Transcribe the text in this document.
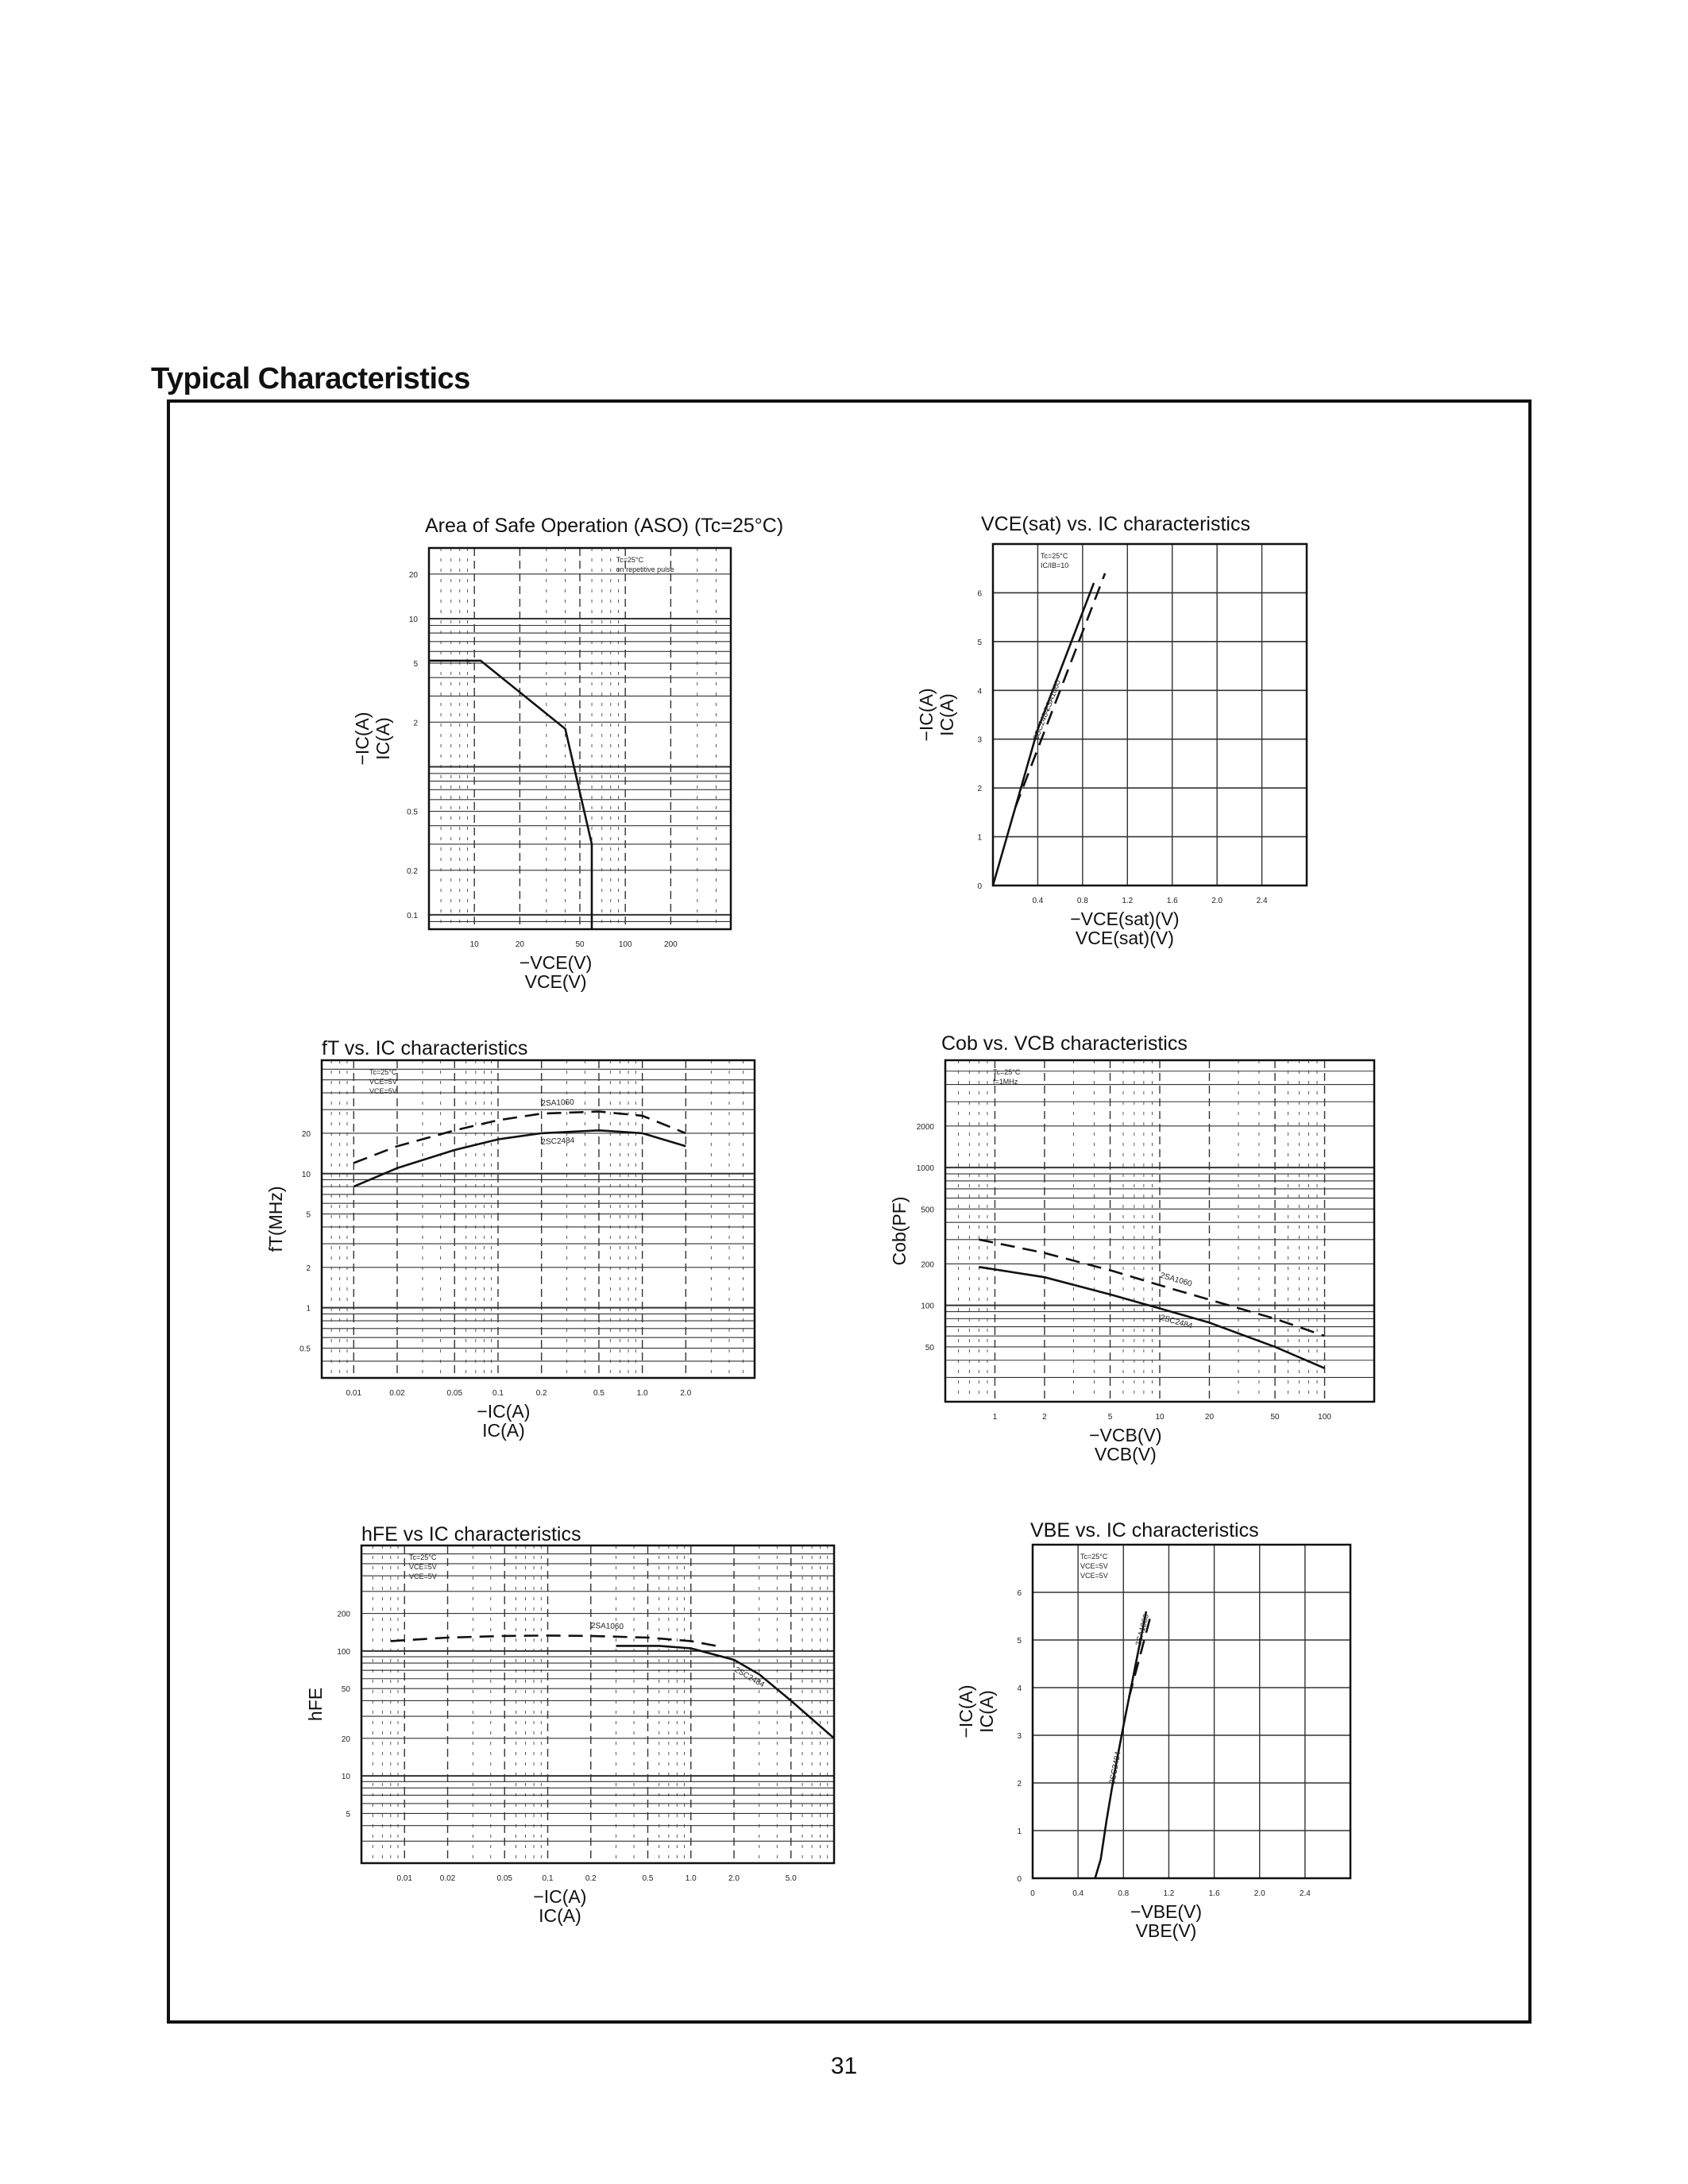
Typical Characteristics
Area of Safe Operation (ASO) (Tc=25°C)
10	20	50	100	200
20
10
5
2
0.5
0.2
0.1
−VCE(V)
VCE(V)
−IC(A) IC(A)
Tc=25°C
on repetitive pulse
Ic
VCE(sat) vs. IC characteristics
0.4	0.8	1.2	1.6	2.0	2.4
0
1
2
3
4
5
6
−VCE(sat)(V)
VCE(sat)(V)
−IC(A) IC(A)
Tc=25°C
IC/IB=10
2SC2484
2SA1060
fT vs. IC characteristics
0.01	0.02	0.05	0.1	0.2	0.5	1.0	2.0
20
10
5
2
1
0.5
−IC(A)
IC(A)
fT(MHz)
Tc=25°C
VCE=5V
VCE=5V
2SA1060
2SC2484
Cob vs. VCB characteristics
1	2	5	10	20	50	100
2000
1000
500
200
100
50
−VCB(V)
VCB(V)
Cob(PF)
Tc=25°C
f=1MHz
2SA1060
2SC2484
hFE vs IC characteristics
0.01	0.02	0.05	0.1	0.2	0.5	1.0	2.0	5.0
200
100
50
20
10
5
−IC(A)
IC(A)
hFE
Tc=25°C
VCE=5V
VCE=5V
2SA1060
2SC2484
VBE vs. IC characteristics
0	0.4	0.8	1.2	1.6	2.0	2.4
0
1
2
3
4
5
6
−VBE(V)
VBE(V)
−IC(A) IC(A)
Tc=25°C
VCE=5V
VCE=5V
2SC2484
2SA1060
31
